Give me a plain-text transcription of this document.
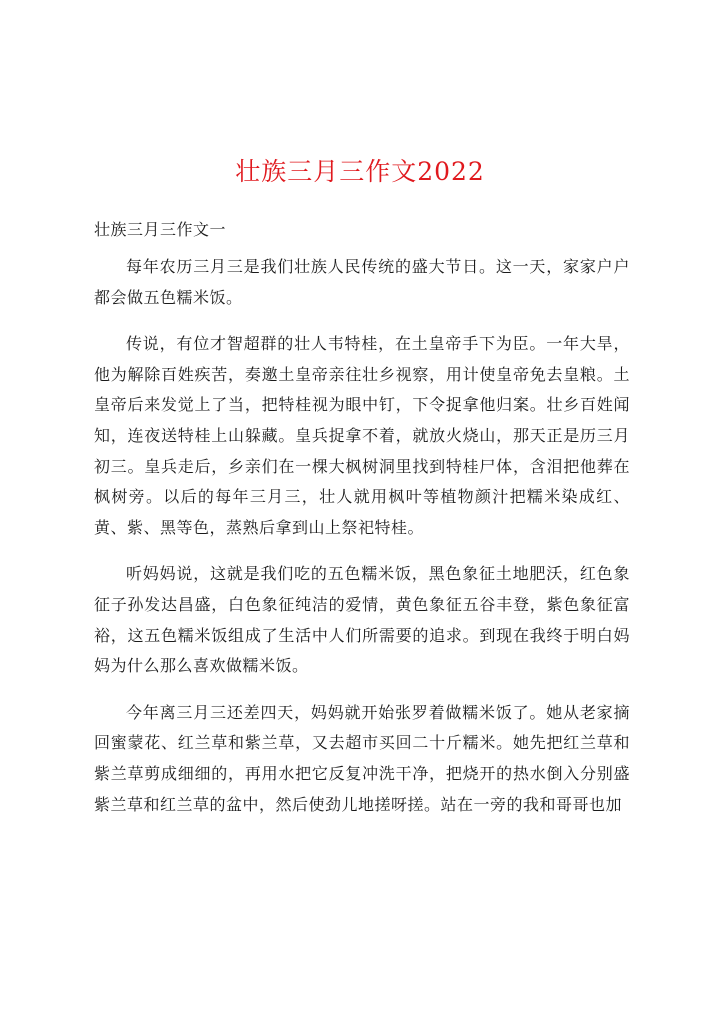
壮族三月三作文2022

壮族三月三作文一

每年农历三月三是我们壮族人民传统的盛大节日。这一天，家家户户都会做五色糯米饭。

传说，有位才智超群的壮人韦特桂，在土皇帝手下为臣。一年大旱，他为解除百姓疾苦，奏邀土皇帝亲往壮乡视察，用计使皇帝免去皇粮。土皇帝后来发觉上了当，把特桂视为眼中钉，下令捉拿他归案。壮乡百姓闻知，连夜送特桂上山躲藏。皇兵捉拿不着，就放火烧山，那天正是历三月初三。皇兵走后，乡亲们在一棵大枫树洞里找到特桂尸体，含泪把他葬在枫树旁。以后的每年三月三，壮人就用枫叶等植物颜汁把糯米染成红、黄、紫、黑等色，蒸熟后拿到山上祭祀特桂。

听妈妈说，这就是我们吃的五色糯米饭，黑色象征土地肥沃，红色象征子孙发达昌盛，白色象征纯洁的爱情，黄色象征五谷丰登，紫色象征富裕，这五色糯米饭组成了生活中人们所需要的追求。到现在我终于明白妈妈为什么那么喜欢做糯米饭。

今年离三月三还差四天，妈妈就开始张罗着做糯米饭了。她从老家摘回蜜蒙花、红兰草和紫兰草，又去超市买回二十斤糯米。她先把红兰草和紫兰草剪成细细的，再用水把它反复冲洗干净，把烧开的热水倒入分别盛紫兰草和红兰草的盆中，然后使劲儿地搓呀搓。站在一旁的我和哥哥也加
